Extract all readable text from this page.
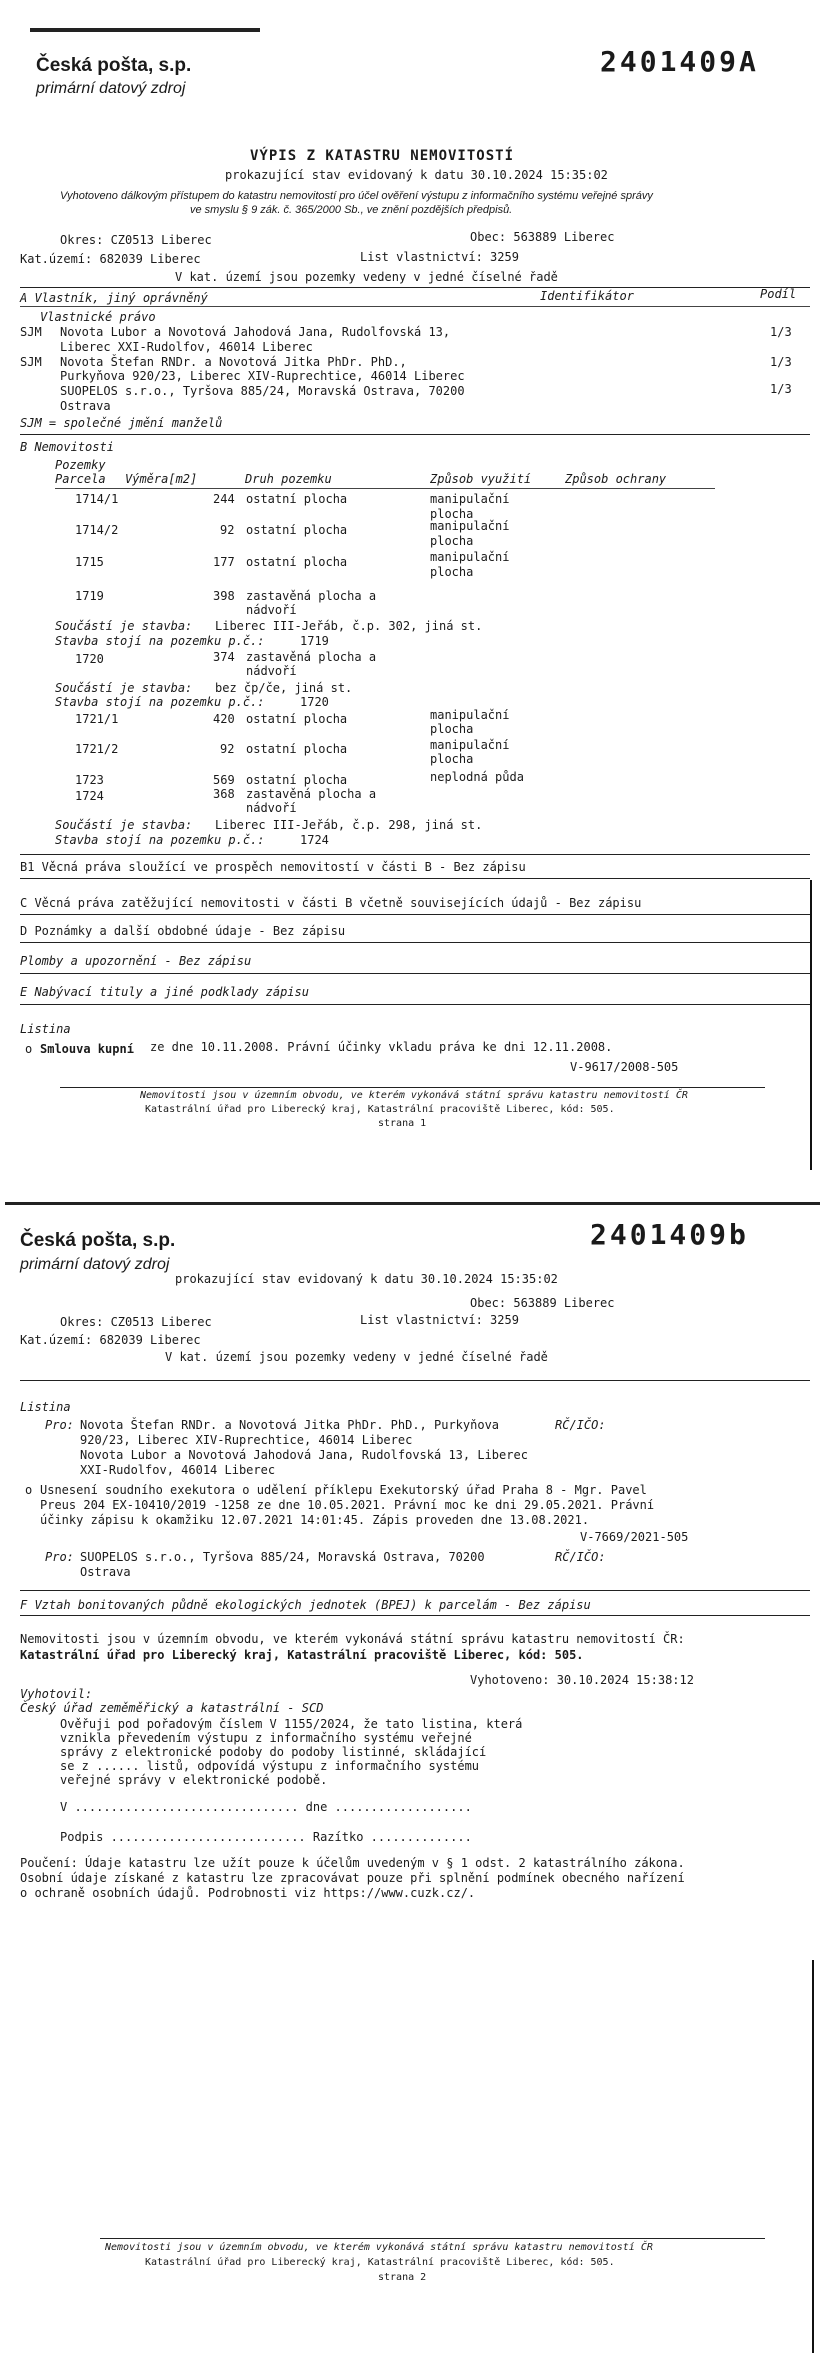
Česká pošta, s.p.
primární datový zdroj
2401409A
VÝPIS Z KATASTRU NEMOVITOSTÍ
prokazující stav evidovaný k datu 30.10.2024 15:35:02
Vyhotoveno dálkovým přístupem do katastru nemovitostí pro účel ověření výstupu z informačního systému veřejné správy
ve smyslu § 9 zák. č. 365/2000 Sb., ve znění pozdějších předpisů.
Okres: CZ0513 Liberec	Obec: 563889 Liberec
Kat.území: 682039 Liberec	List vlastnictví: 3259
V kat. území jsou pozemky vedeny v jedné číselné řadě
A Vlastník, jiný oprávněný	Identifikátor	Podíl
Vlastnické právo
SJM Novota Lubor a Novotová Jahodová Jana, Rudolfovská 13,
Liberec XXI-Rudolfov, 46014 Liberec
1/3
SJM Novota Štefan RNDr. a Novotová Jitka PhDr. PhD.,
Purkyňova 920/23, Liberec XIV-Ruprechtice, 46014 Liberec
1/3
SUOPELOS s.r.o., Tyršova 885/24, Moravská Ostrava, 70200
Ostrava
1/3
SJM = společné jmění manželů
B Nemovitosti
Pozemky
Parcela Výměra[m2]	Druh pozemku	Způsob využití	Způsob ochrany
1714/1	244 ostatní plocha	manipulační
plocha
1714/2	92 ostatní plocha	manipulační
plocha
1715	177 ostatní plocha	manipulační
plocha
1719	398 zastavěná plocha a
nádvoří
Součástí je stavba: Liberec III-Jeřáb, č.p. 302, jiná st.
Stavba stojí na pozemku p.č.:	1719
1720	374 zastavěná plocha a
nádvoří
Součástí je stavba: bez čp/če, jiná st.
Stavba stojí na pozemku p.č.:	1720
1721/1	420 ostatní plocha	manipulační
plocha
1721/2	92 ostatní plocha	manipulační
plocha
1723	569 ostatní plocha	neplodná půda
1724	368 zastavěná plocha a
nádvoří
Součástí je stavba: Liberec III-Jeřáb, č.p. 298, jiná st.
Stavba stojí na pozemku p.č.:	1724
B1 Věcná práva sloužící ve prospěch nemovitostí v části B - Bez zápisu
C Věcná práva zatěžující nemovitosti v části B včetně souvisejících údajů - Bez zápisu
D Poznámky a další obdobné údaje - Bez zápisu
Plomby a upozornění - Bez zápisu
E Nabývací tituly a jiné podklady zápisu
Listina
o Smlouva kupní ze dne 10.11.2008. Právní účinky vkladu práva ke dni 12.11.2008.
V-9617/2008-505
Nemovitosti jsou v územním obvodu, ve kterém vykonává státní správu katastru nemovitostí ČR
Katastrální úřad pro Liberecký kraj, Katastrální pracoviště Liberec, kód: 505.
strana 1
Česká pošta, s.p.
primární datový zdroj
2401409b
prokazující stav evidovaný k datu 30.10.2024 15:35:02
Obec: 563889 Liberec
Okres: CZ0513 Liberec	List vlastnictví: 3259
Kat.území: 682039 Liberec
V kat. území jsou pozemky vedeny v jedné číselné řadě
Listina
Pro: Novota Štefan RNDr. a Novotová Jitka PhDr. PhD., Purkyňova	RČ/IČO:
920/23, Liberec XIV-Ruprechtice, 46014 Liberec
Novota Lubor a Novotová Jahodová Jana, Rudolfovská 13, Liberec
XXI-Rudolfov, 46014 Liberec
o Usnesení soudního exekutora o udělení příklepu Exekutorský úřad Praha 8 - Mgr. Pavel
Preus 204 EX-10410/2019 -1258 ze dne 10.05.2021. Právní moc ke dni 29.05.2021. Právní
účinky zápisu k okamžiku 12.07.2021 14:01:45. Zápis proveden dne 13.08.2021.
V-7669/2021-505
Pro: SUOPELOS s.r.o., Tyršova 885/24, Moravská Ostrava, 70200	RČ/IČO:
Ostrava
F Vztah bonitovaných půdně ekologických jednotek (BPEJ) k parcelám - Bez zápisu
Nemovitosti jsou v územním obvodu, ve kterém vykonává státní správu katastru nemovitostí ČR:
Katastrální úřad pro Liberecký kraj, Katastrální pracoviště Liberec, kód: 505.
Vyhotoveno: 30.10.2024 15:38:12
Vyhotovil:
Český úřad zeměměřický a katastrální - SCD
Ověřuji pod pořadovým číslem V 1155/2024, že tato listina, která
vznikla převedením výstupu z informačního systému veřejné
správy z elektronické podoby do podoby listinné, skládající
se z ...... listů, odpovídá výstupu z informačního systému
veřejné správy v elektronické podobě.
V ............................... dne ...................
Podpis ........................... Razítko ..............
Poučení: Údaje katastru lze užít pouze k účelům uvedeným v § 1 odst. 2 katastrálního zákona.
Osobní údaje získané z katastru lze zpracovávat pouze při splnění podmínek obecného nařízení
o ochraně osobních údajů. Podrobnosti viz https://www.cuzk.cz/.
Nemovitosti jsou v územním obvodu, ve kterém vykonává státní správu katastru nemovitostí ČR
Katastrální úřad pro Liberecký kraj, Katastrální pracoviště Liberec, kód: 505.
strana 2
